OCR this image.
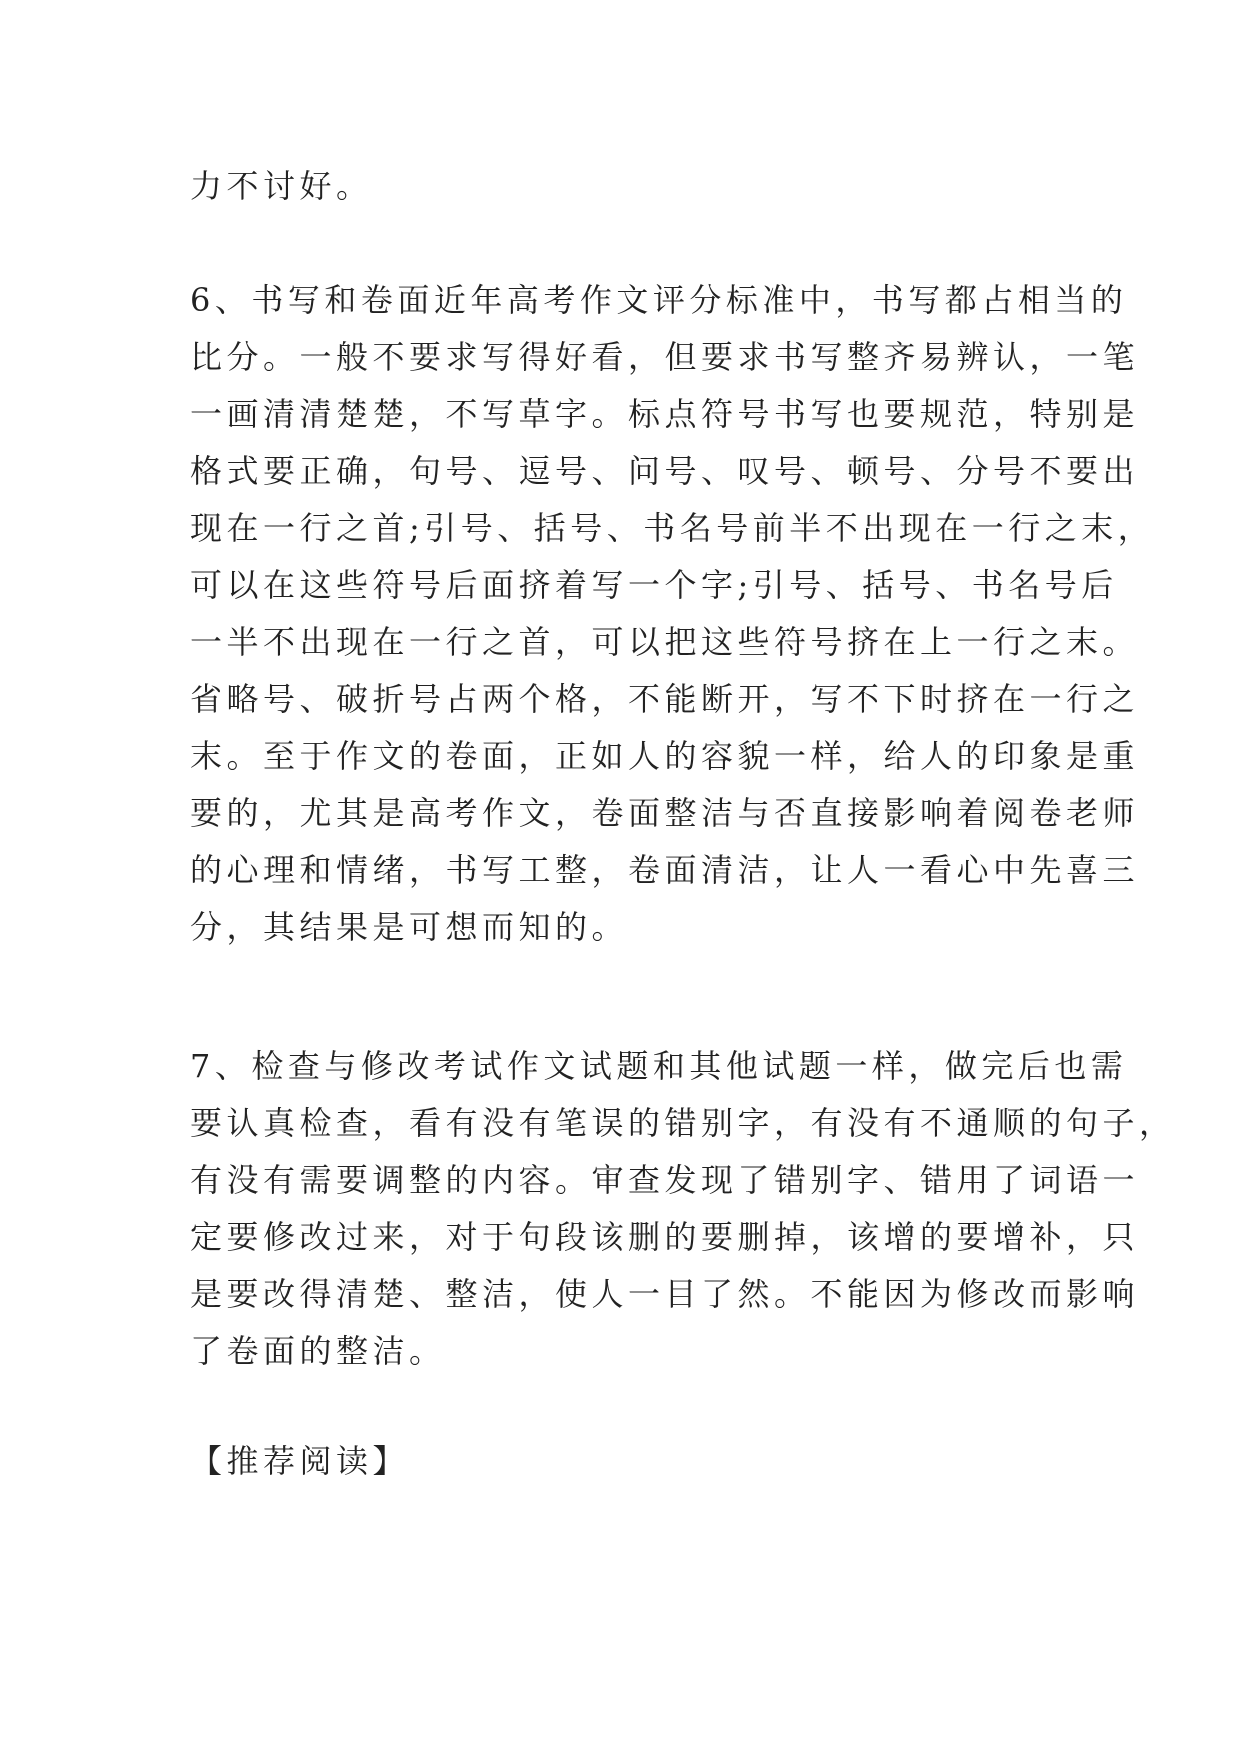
力不讨好。
6、书写和卷面近年高考作文评分标准中，书写都占相当的
比分。一般不要求写得好看，但要求书写整齐易辨认，一笔
一画清清楚楚，不写草字。标点符号书写也要规范，特别是
格式要正确，句号、逗号、问号、叹号、顿号、分号不要出
现在一行之首;引号、括号、书名号前半不出现在一行之末，
可以在这些符号后面挤着写一个字;引号、括号、书名号后
一半不出现在一行之首，可以把这些符号挤在上一行之末。
省略号、破折号占两个格，不能断开，写不下时挤在一行之
末。至于作文的卷面，正如人的容貌一样，给人的印象是重
要的，尤其是高考作文，卷面整洁与否直接影响着阅卷老师
的心理和情绪，书写工整，卷面清洁，让人一看心中先喜三
分，其结果是可想而知的。
7、检查与修改考试作文试题和其他试题一样，做完后也需
要认真检查，看有没有笔误的错别字，有没有不通顺的句子，
有没有需要调整的内容。审查发现了错别字、错用了词语一
定要修改过来，对于句段该删的要删掉，该增的要增补，只
是要改得清楚、整洁，使人一目了然。不能因为修改而影响
了卷面的整洁。
【推荐阅读】
